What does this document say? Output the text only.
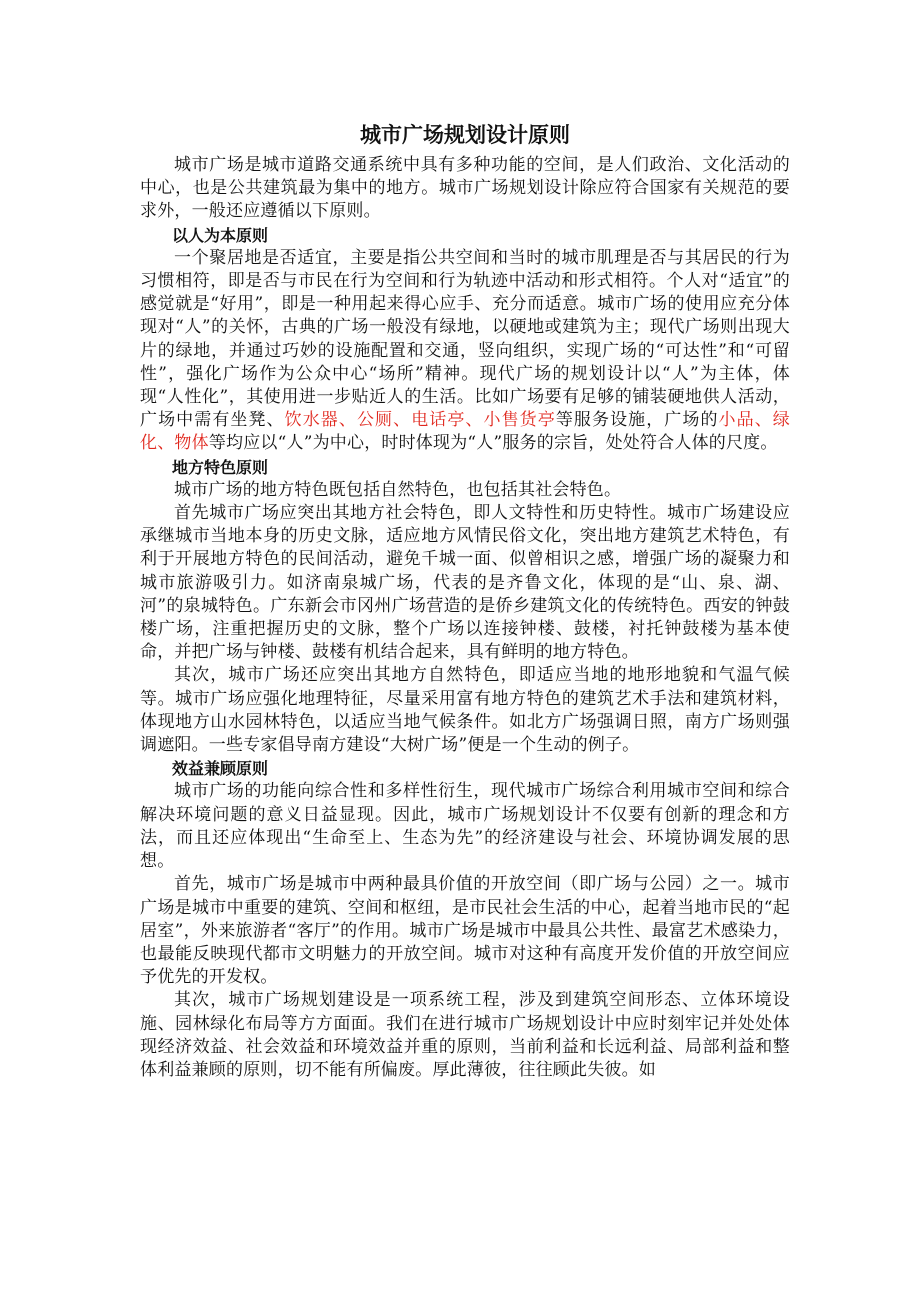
城市广场规划设计原则

城市广场是城市道路交通系统中具有多种功能的空间，是人们政治、文化活动的中心，也是公共建筑最为集中的地方。城市广场规划设计除应符合国家有关规范的要求外，一般还应遵循以下原则。

以人为本原则

一个聚居地是否适宜，主要是指公共空间和当时的城市肌理是否与其居民的行为习惯相符，即是否与市民在行为空间和行为轨迹中活动和形式相符。个人对“适宜”的感觉就是“好用”，即是一种用起来得心应手、充分而适意。城市广场的使用应充分体现对“人”的关怀，古典的广场一般没有绿地，以硬地或建筑为主；现代广场则出现大片的绿地，并通过巧妙的设施配置和交通，竖向组织，实现广场的“可达性”和“可留性”，强化广场作为公众中心“场所”精神。现代广场的规划设计以“人”为主体，体现“人性化”，其使用进一步贴近人的生活。比如广场要有足够的铺装硬地供人活动，广场中需有坐凳、饮水器、公厕、电话亭、小售货亭等服务设施，广场的小品、绿化、物体等均应以“人”为中心，时时体现为“人”服务的宗旨，处处符合人体的尺度。

地方特色原则

城市广场的地方特色既包括自然特色，也包括其社会特色。

首先城市广场应突出其地方社会特色，即人文特性和历史特性。城市广场建设应承继城市当地本身的历史文脉，适应地方风情民俗文化，突出地方建筑艺术特色，有利于开展地方特色的民间活动，避免千城一面、似曾相识之感，增强广场的凝聚力和城市旅游吸引力。如济南泉城广场，代表的是齐鲁文化，体现的是“山、泉、湖、河”的泉城特色。广东新会市冈州广场营造的是侨乡建筑文化的传统特色。西安的钟鼓楼广场，注重把握历史的文脉，整个广场以连接钟楼、鼓楼，衬托钟鼓楼为基本使命，并把广场与钟楼、鼓楼有机结合起来，具有鲜明的地方特色。

其次，城市广场还应突出其地方自然特色，即适应当地的地形地貌和气温气候等。城市广场应强化地理特征，尽量采用富有地方特色的建筑艺术手法和建筑材料，体现地方山水园林特色，以适应当地气候条件。如北方广场强调日照，南方广场则强调遮阳。一些专家倡导南方建设“大树广场”便是一个生动的例子。

效益兼顾原则

城市广场的功能向综合性和多样性衍生，现代城市广场综合利用城市空间和综合解决环境问题的意义日益显现。因此，城市广场规划设计不仅要有创新的理念和方法，而且还应体现出“生命至上、生态为先”的经济建设与社会、环境协调发展的思想。

首先，城市广场是城市中两种最具价值的开放空间（即广场与公园）之一。城市广场是城市中重要的建筑、空间和枢纽，是市民社会生活的中心，起着当地市民的“起居室”，外来旅游者“客厅”的作用。城市广场是城市中最具公共性、最富艺术感染力，也最能反映现代都市文明魅力的开放空间。城市对这种有高度开发价值的开放空间应予优先的开发权。

其次，城市广场规划建设是一项系统工程，涉及到建筑空间形态、立体环境设施、园林绿化布局等方方面面。我们在进行城市广场规划设计中应时刻牢记并处处体现经济效益、社会效益和环境效益并重的原则，当前利益和长远利益、局部利益和整体利益兼顾的原则，切不能有所偏废。厚此薄彼，往往顾此失彼。如
